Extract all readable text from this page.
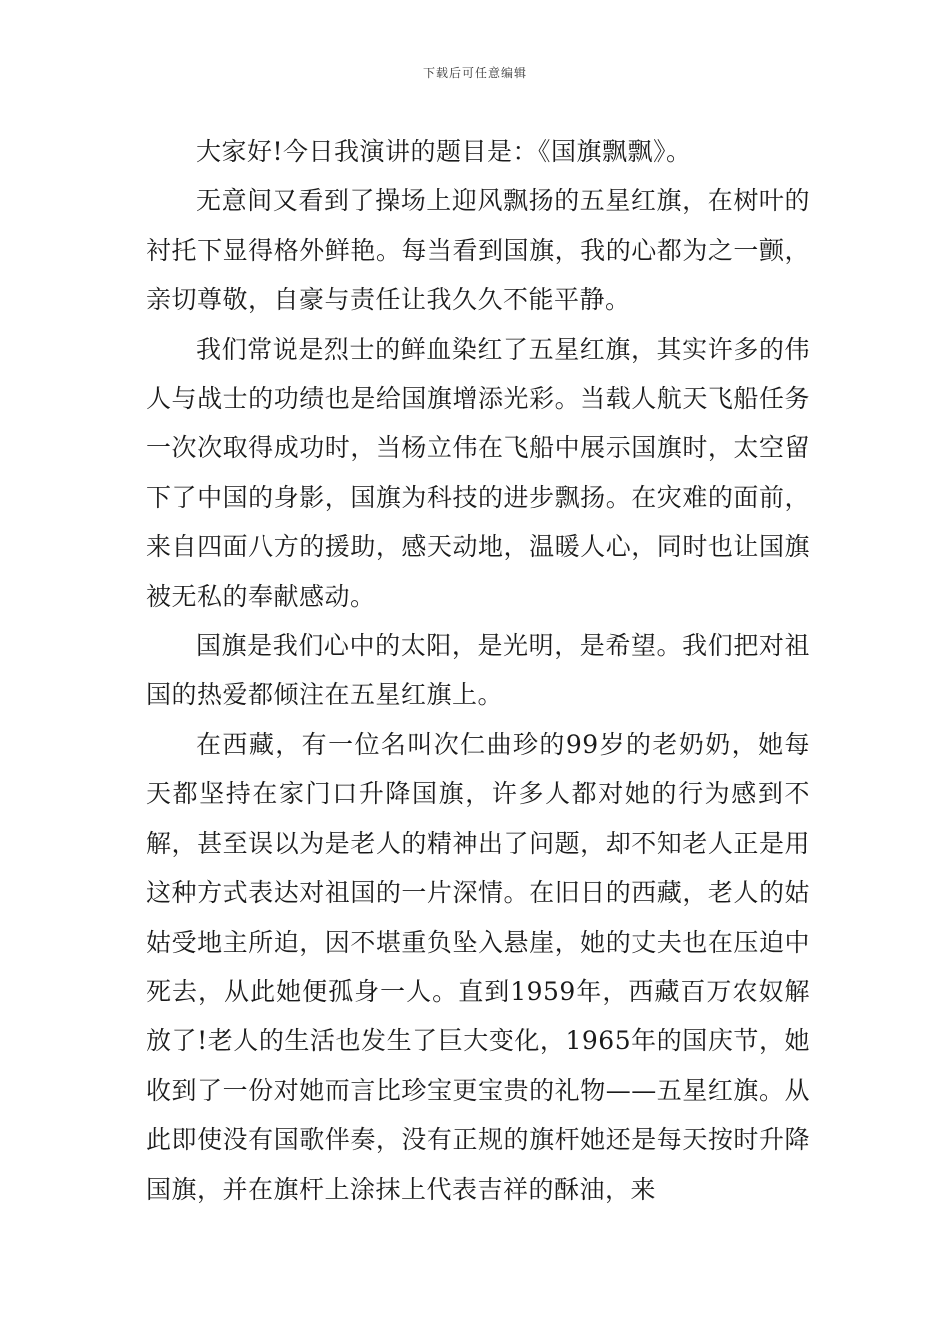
下载后可任意编辑

大家好!今日我演讲的题目是：《国旗飘飘》。

无意间又看到了操场上迎风飘扬的五星红旗，在树叶的衬托下显得格外鲜艳。每当看到国旗，我的心都为之一颤，亲切尊敬，自豪与责任让我久久不能平静。

我们常说是烈士的鲜血染红了五星红旗，其实许多的伟人与战士的功绩也是给国旗增添光彩。当载人航天飞船任务一次次取得成功时，当杨立伟在飞船中展示国旗时，太空留下了中国的身影，国旗为科技的进步飘扬。在灾难的面前，来自四面八方的援助，感天动地，温暖人心，同时也让国旗被无私的奉献感动。

国旗是我们心中的太阳，是光明，是希望。我们把对祖国的热爱都倾注在五星红旗上。

在西藏，有一位名叫次仁曲珍的99岁的老奶奶，她每天都坚持在家门口升降国旗，许多人都对她的行为感到不解，甚至误以为是老人的精神出了问题，却不知老人正是用这种方式表达对祖国的一片深情。在旧日的西藏，老人的姑姑受地主所迫，因不堪重负坠入悬崖，她的丈夫也在压迫中死去，从此她便孤身一人。直到1959年，西藏百万农奴解放了!老人的生活也发生了巨大变化，1965年的国庆节，她收到了一份对她而言比珍宝更宝贵的礼物——五星红旗。从此即使没有国歌伴奏，没有正规的旗杆她还是每天按时升降国旗，并在旗杆上涂抹上代表吉祥的酥油，来
